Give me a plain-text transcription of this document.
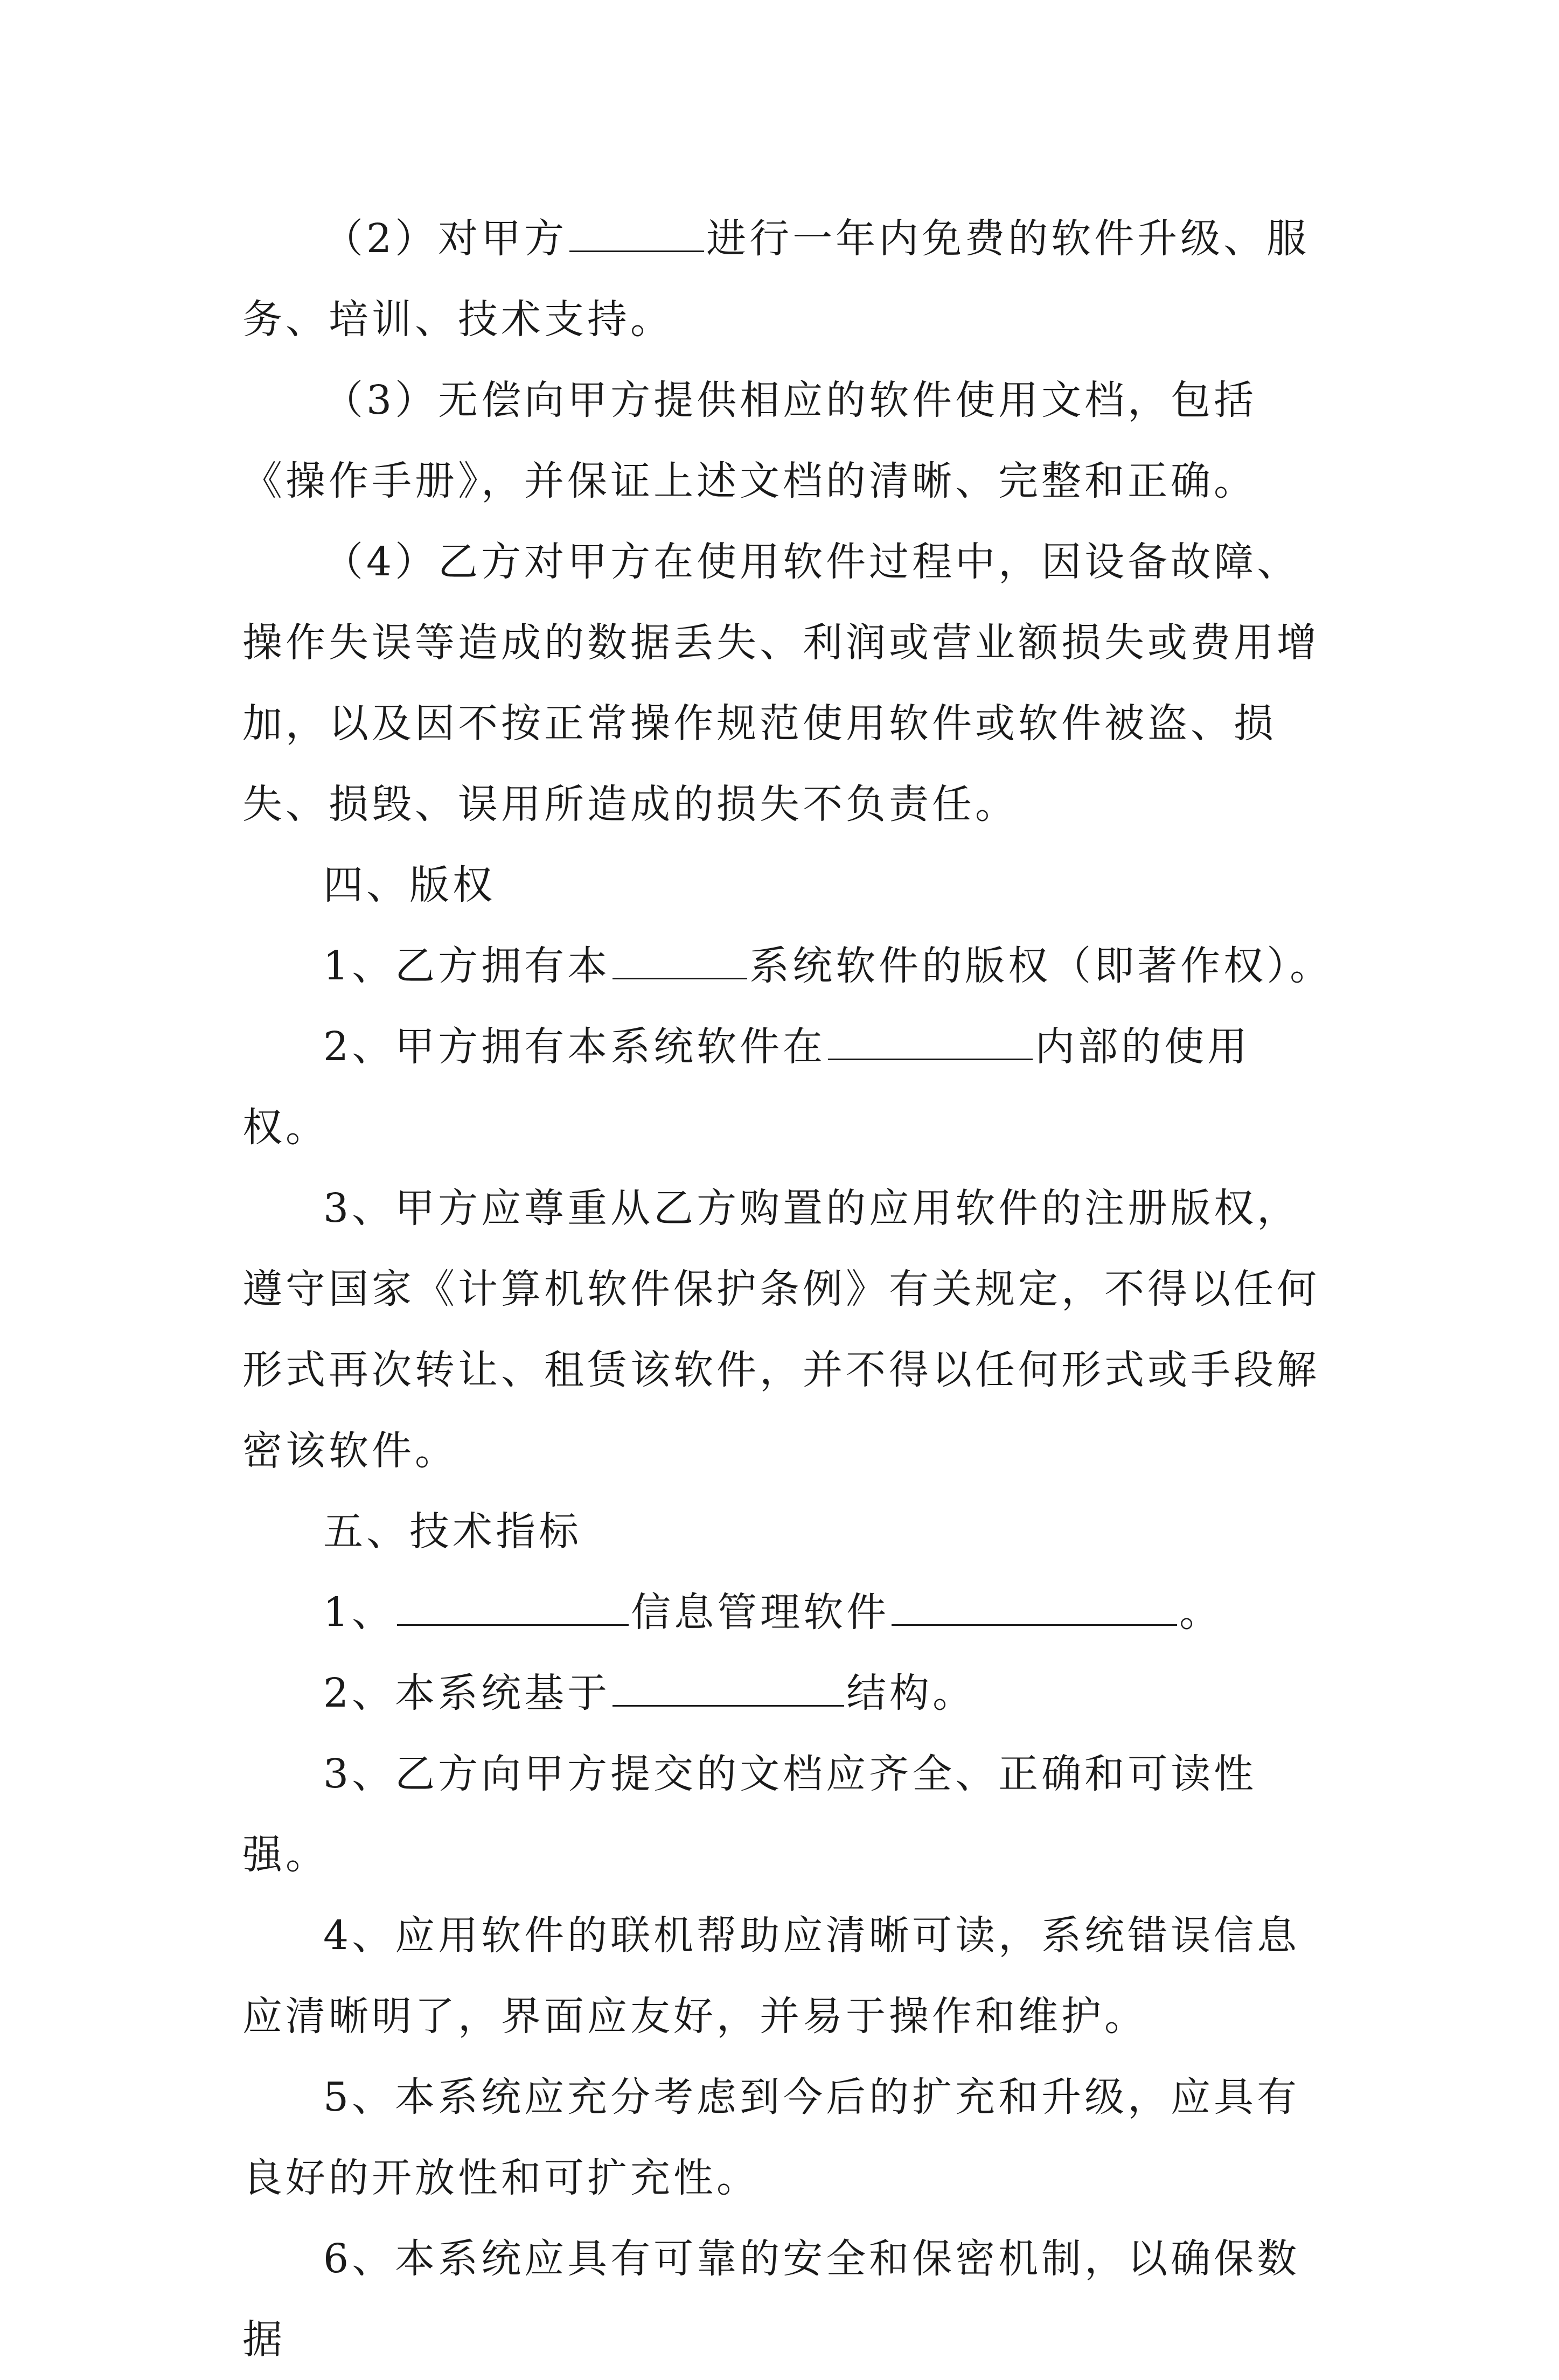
（2）对甲方	进行一年内免费的软件升级、服务、培训、技术支持。

（3）无偿向甲方提供相应的软件使用文档，包括《操作手册》，并保证上述文档的清晰、完整和正确。

（4）乙方对甲方在使用软件过程中，因设备故障、操作失误等造成的数据丢失、利润或营业额损失或费用增加，以及因不按正常操作规范使用软件或软件被盗、损失、损毁、误用所造成的损失不负责任。

四、版权

1、乙方拥有本	系统软件的版权（即著作权）。

2、甲方拥有本系统软件在	内部的使用权。

3、甲方应尊重从乙方购置的应用软件的注册版权，遵守国家《计算机软件保护条例》有关规定，不得以任何形式再次转让、租赁该软件，并不得以任何形式或手段解密该软件。

五、技术指标

1、	信息管理软件	。

2、本系统基于	结构。

3、乙方向甲方提交的文档应齐全、正确和可读性强。

4、应用软件的联机帮助应清晰可读，系统错误信息应清晰明了，界面应友好，并易于操作和维护。

5、本系统应充分考虑到今后的扩充和升级，应具有良好的开放性和可扩充性。

6、本系统应具有可靠的安全和保密机制，以确保数据
